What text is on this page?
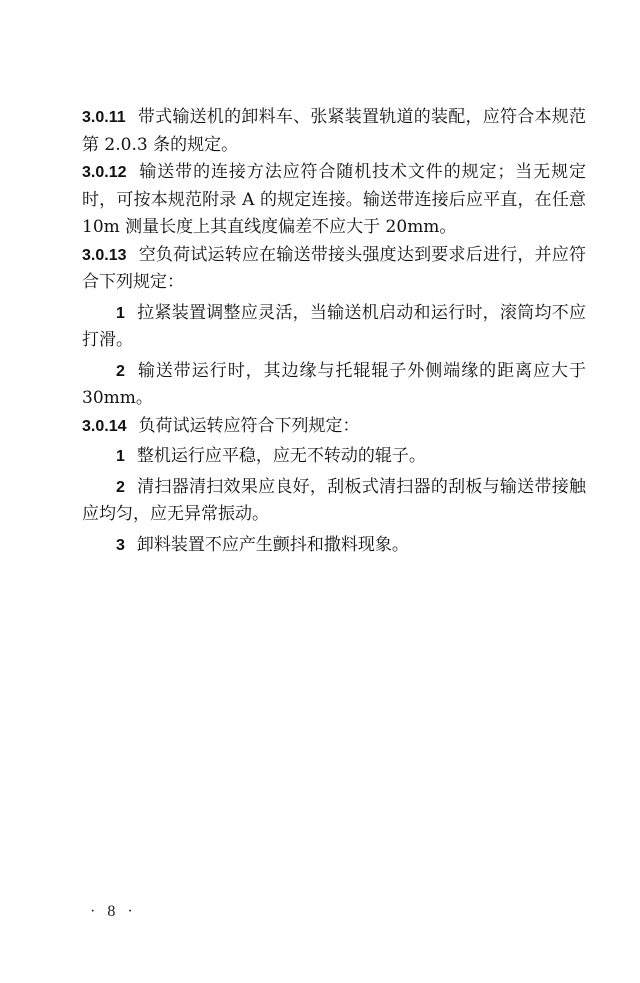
3.0.11 带式输送机的卸料车、张紧装置轨道的装配，应符合本规范第 2.0.3 条的规定。

3.0.12 输送带的连接方法应符合随机技术文件的规定；当无规定时，可按本规范附录 A 的规定连接。输送带连接后应平直，在任意 10m 测量长度上其直线度偏差不应大于 20mm。

3.0.13 空负荷试运转应在输送带接头强度达到要求后进行，并应符合下列规定：

1 拉紧装置调整应灵活，当输送机启动和运行时，滚筒均不应打滑。

2 输送带运行时，其边缘与托辊辊子外侧端缘的距离应大于 30mm。

3.0.14 负荷试运转应符合下列规定：

1 整机运行应平稳，应无不转动的辊子。

2 清扫器清扫效果应良好，刮板式清扫器的刮板与输送带接触应均匀，应无异常振动。

3 卸料装置不应产生颤抖和撒料现象。

· 8 ·
